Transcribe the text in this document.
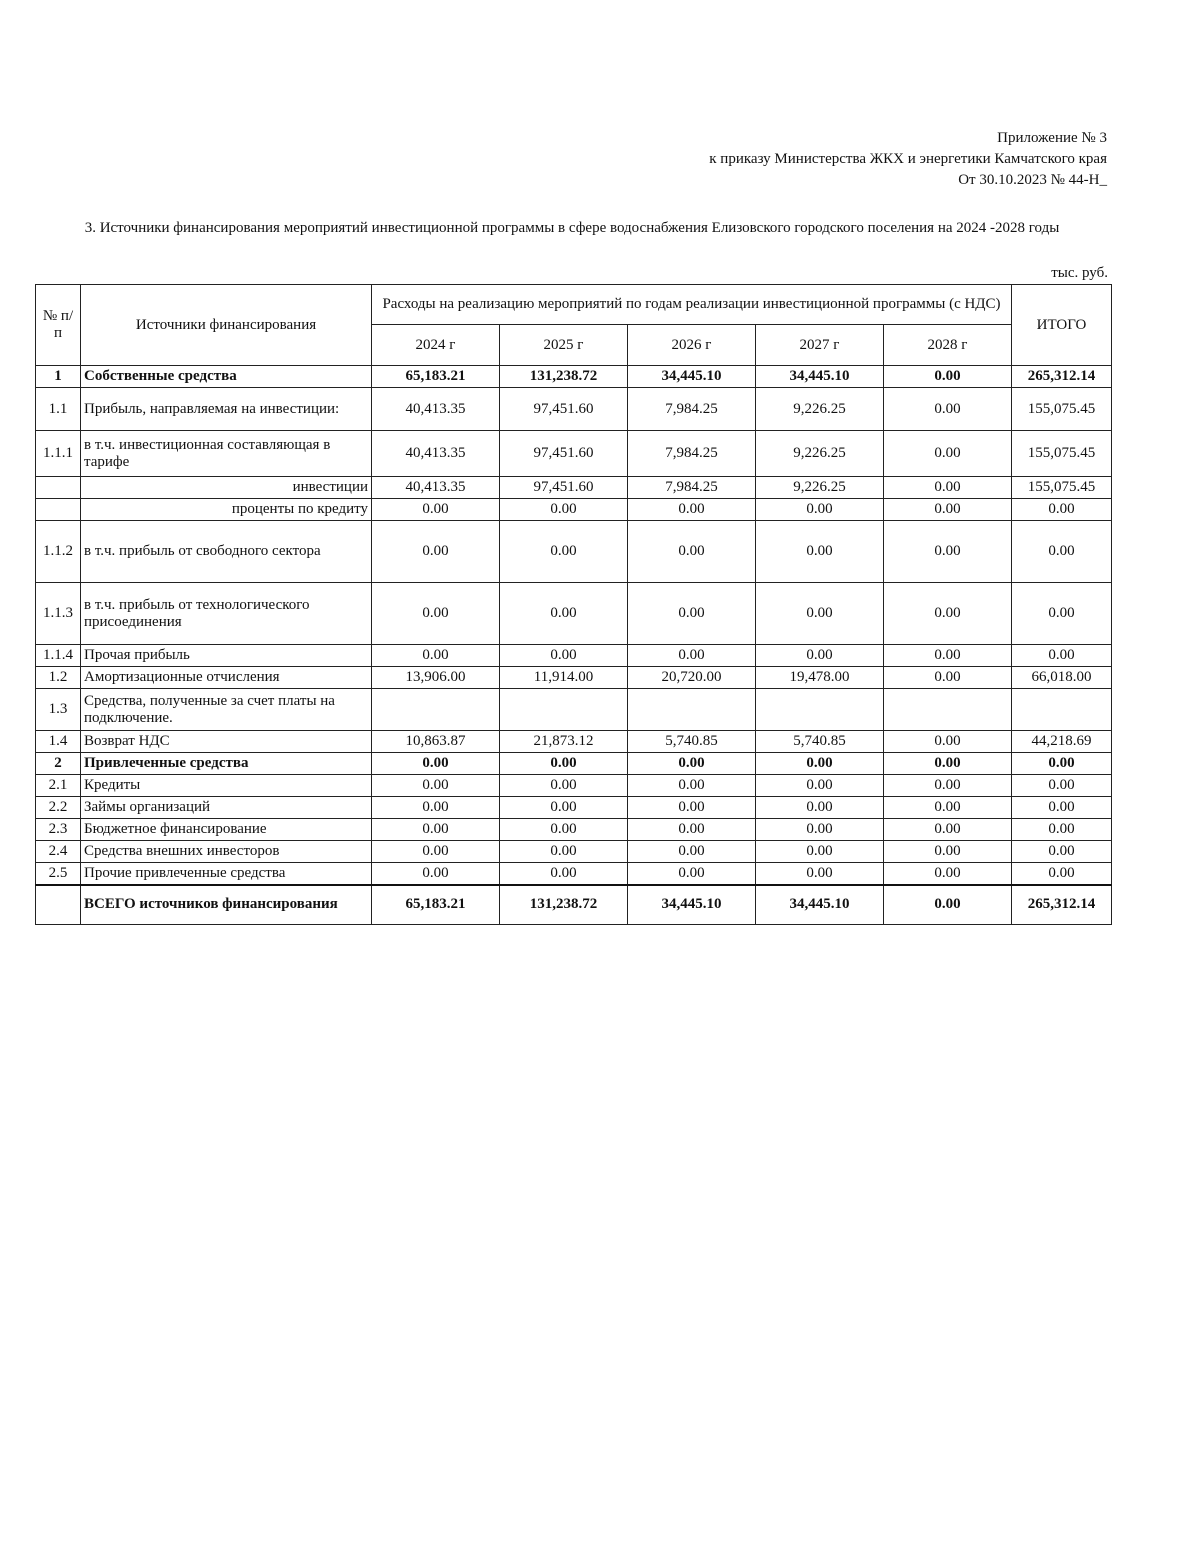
Приложение № 3
к приказу Министерства ЖКХ и энергетики Камчатского края
От 30.10.2023 № 44-Н_
3. Источники финансирования мероприятий инвестиционной программы в сфере водоснабжения Елизовского городского поселения на 2024 -2028 годы
тыс. руб.
№ п/п	Источники финансирования	Расходы на реализацию мероприятий по годам реализации инвестиционной программы (с НДС)					ИТОГО
		2024 г	2025 г	2026 г	2027 г	2028 г	
1	Собственные средства	65,183.21	131,238.72	34,445.10	34,445.10	0.00	265,312.14
1.1	Прибыль, направляемая на инвестиции:	40,413.35	97,451.60	7,984.25	9,226.25	0.00	155,075.45
1.1.1	в т.ч. инвестиционная составляющая в тарифе	40,413.35	97,451.60	7,984.25	9,226.25	0.00	155,075.45
	инвестиции	40,413.35	97,451.60	7,984.25	9,226.25	0.00	155,075.45
	проценты по кредиту	0.00	0.00	0.00	0.00	0.00	0.00
1.1.2	в т.ч. прибыль от свободного сектора	0.00	0.00	0.00	0.00	0.00	0.00
1.1.3	в т.ч. прибыль от технологического присоединения	0.00	0.00	0.00	0.00	0.00	0.00
1.1.4	Прочая прибыль	0.00	0.00	0.00	0.00	0.00	0.00
1.2	Амортизационные отчисления	13,906.00	11,914.00	20,720.00	19,478.00	0.00	66,018.00
1.3	Средства, полученные за счет платы на подключение.						
1.4	Возврат НДС	10,863.87	21,873.12	5,740.85	5,740.85	0.00	44,218.69
2	Привлеченные средства	0.00	0.00	0.00	0.00	0.00	0.00
2.1	Кредиты	0.00	0.00	0.00	0.00	0.00	0.00
2.2	Займы организаций	0.00	0.00	0.00	0.00	0.00	0.00
2.3	Бюджетное финансирование	0.00	0.00	0.00	0.00	0.00	0.00
2.4	Средства внешних инвесторов	0.00	0.00	0.00	0.00	0.00	0.00
2.5	Прочие привлеченные средства	0.00	0.00	0.00	0.00	0.00	0.00
	ВСЕГО источников финансирования	65,183.21	131,238.72	34,445.10	34,445.10	0.00	265,312.14
